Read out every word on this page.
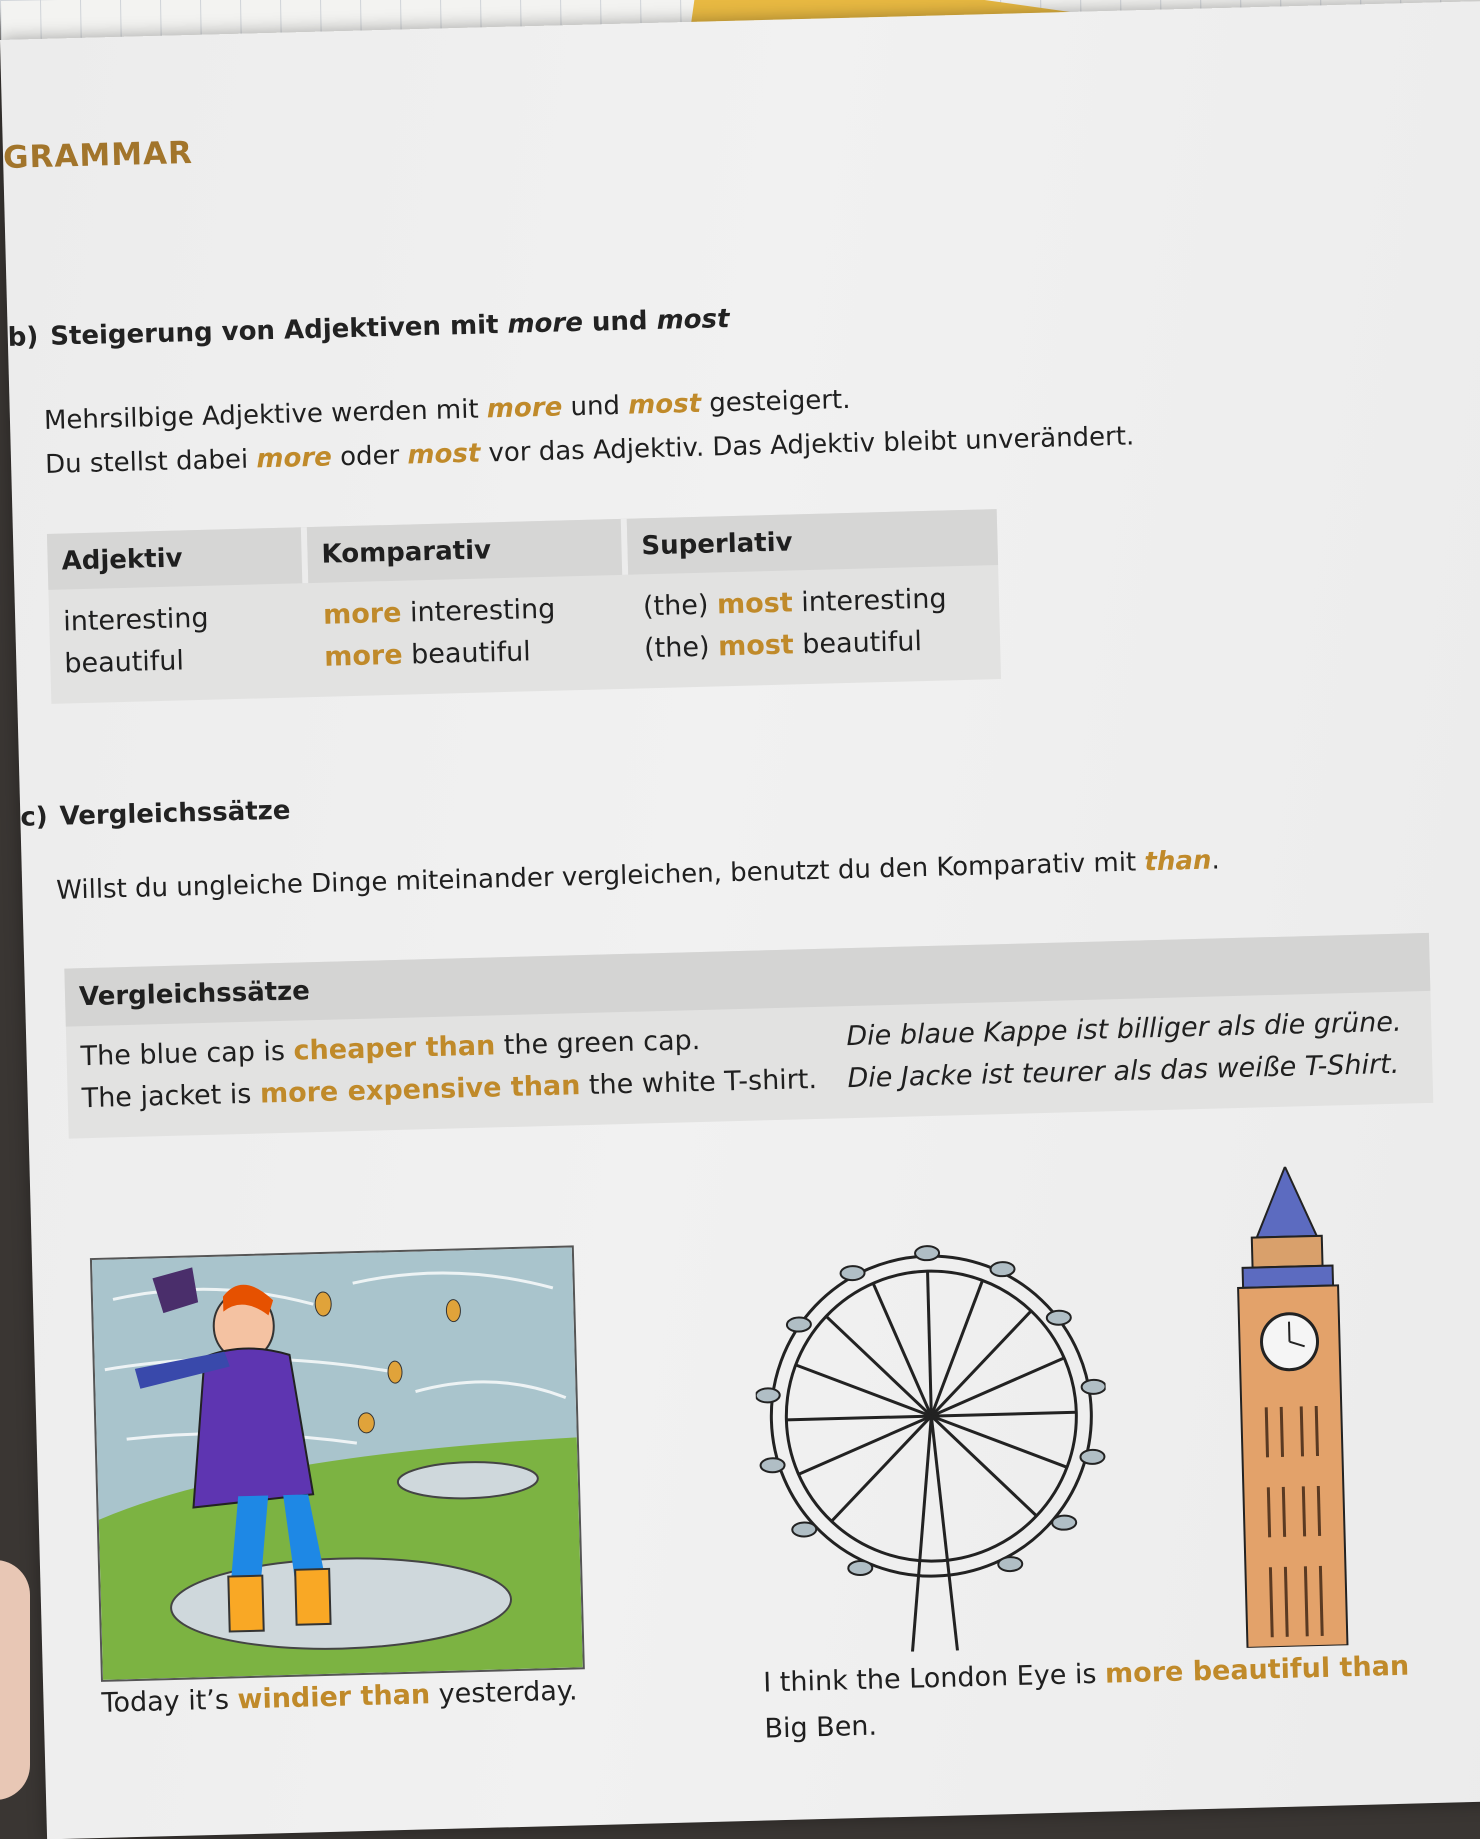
GRAMMAR
b) Steigerung von Adjektiven mit more und most
Mehrsilbige Adjektive werden mit more und most gesteigert.
Du stellst dabei more oder most vor das Adjektiv. Das Adjektiv bleibt unverändert.
Adjektiv
interesting
beautiful
Komparativ
more interesting
more beautiful
Superlativ
(the) most interesting
(the) most beautiful
c) Vergleichssätze
Willst du ungleiche Dinge miteinander vergleichen, benutzt du den Komparativ mit than.
Vergleichssätze
The blue cap is cheaper than the green cap.	Die blaue Kappe ist billiger als die grüne.
The jacket is more expensive than the white T-shirt. Die Jacke ist teurer als das weiße T-Shirt.
Today it’s windier than yesterday.	I think the London Eye is more beautiful than Big Ben.
